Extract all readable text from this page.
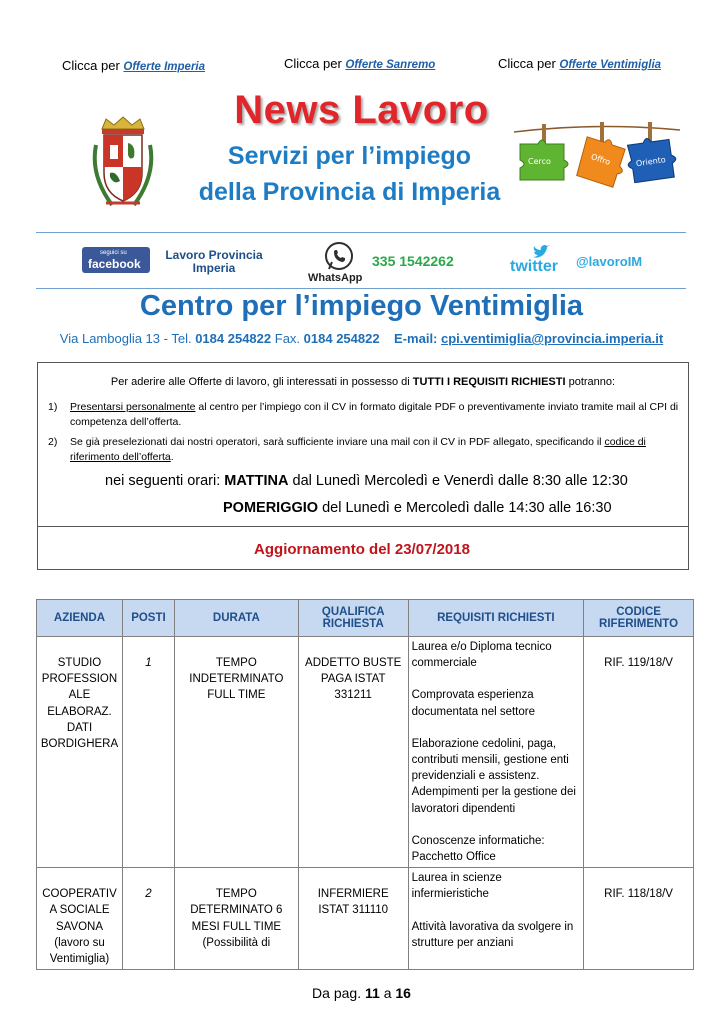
Clicca per Offerte Imperia	Clicca per Offerte Sanremo	Clicca per Offerte Ventimiglia
News Lavoro
Servizi per l’impiego
della Provincia di Imperia
Cerco	Offro	Oriento
seguici su
facebook
Lavoro Provincia
Imperia
WhatsApp
335 1542262	twitter @lavoroIM
Centro per l’impiego Ventimiglia
Via Lamboglia 13 - Tel. 0184 254822 Fax. 0184 254822 E-mail: cpi.ventimiglia@provincia.imperia.it
Per aderire alle Offerte di lavoro, gli interessati in possesso di TUTTI I REQUISITI RICHIESTI potranno:
1) Presentarsi personalmente al centro per l’impiego con il CV in formato digitale PDF o preventivamente inviato tramite mail al CPI di competenza dell’offerta.
2) Se già preselezionati dai nostri operatori, sarà sufficiente inviare una mail con il CV in PDF allegato, specificando il codice di riferimento dell’offerta.
nei seguenti orari: MATTINA dal Lunedì Mercoledì e Venerdì dalle 8:30 alle 12:30
POMERIGGIO del Lunedì e Mercoledì dalle 14:30 alle 16:30
Aggiornamento del 23/07/2018
AZIENDA	POSTI	DURATA	QUALIFICA RICHIESTA	REQUISITI RICHIESTI	CODICE RIFERIMENTO
STUDIO PROFESSION ALE ELABORAZ. DATI BORDIGHERA	1	TEMPO INDETERMINATO FULL TIME	ADDETTO BUSTE PAGA ISTAT 331211	Laurea e/o Diploma tecnico commerciale
Comprovata esperienza documentata nel settore
Elaborazione cedolini, paga, contributi mensili, gestione enti previdenziali e assistenz. Adempimenti per la gestione dei lavoratori dipendenti
Conoscenze informatiche: Pacchetto Office	RIF. 119/18/V
COOPERATIV A SOCIALE SAVONA (lavoro su Ventimiglia)	2	TEMPO DETERMINATO 6 MESI FULL TIME (Possibilità di	INFERMIERE ISTAT 311110	Laurea in scienze infermieristiche
Attività lavorativa da svolgere in strutture per anziani	RIF. 118/18/V
Da pag. 11 a 16
